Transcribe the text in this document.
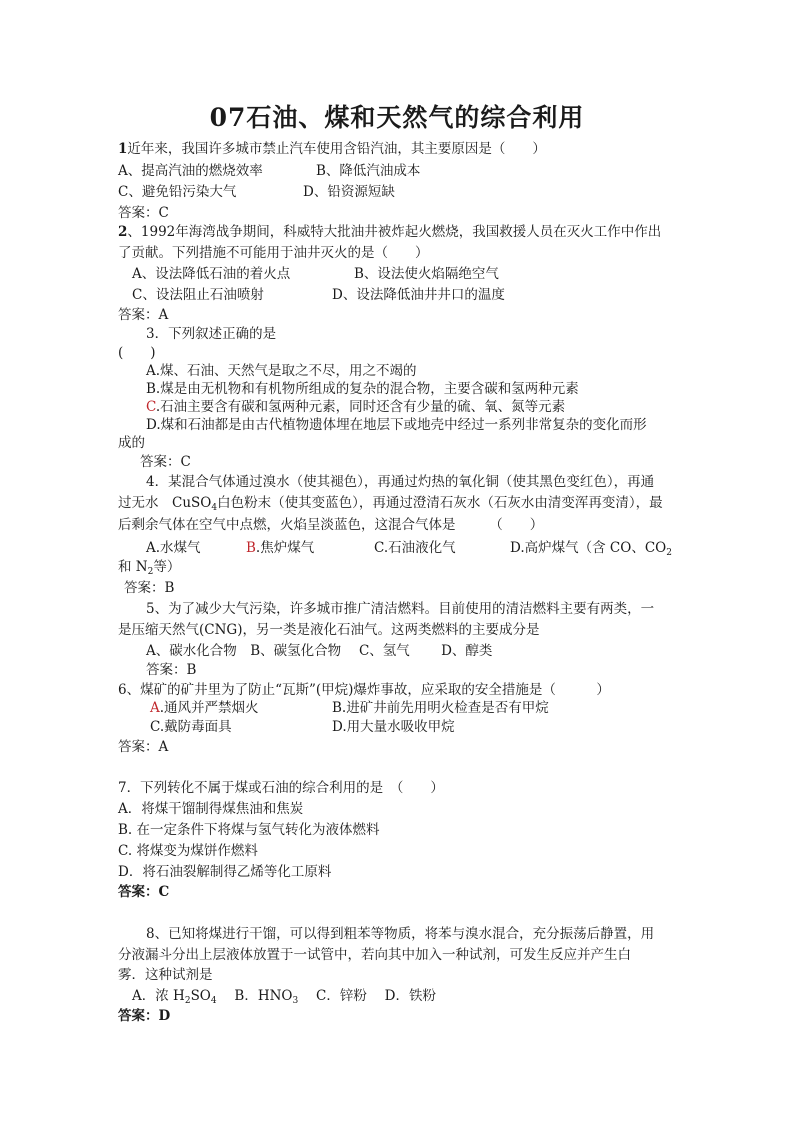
07石油、煤和天然气的综合利用
1近年来，我国许多城市禁止汽车使用含铅汽油，其主要原因是（　　）
A、提高汽油的燃烧效率	B、降低汽油成本
C、避免铅污染大气	D、铅资源短缺
答案：C
2、1992年海湾战争期间，科威特大批油井被炸起火燃烧，我国救援人员在灭火工作中作出
了贡献。下列措施不可能用于油井灭火的是（　　）
A、设法降低石油的着火点	B、设法使火焰隔绝空气
C、设法阻止石油喷射	D、设法降低油井井口的温度
答案：A
3．下列叙述正确的是
(　　)
A.煤、石油、天然气是取之不尽，用之不竭的
B.煤是由无机物和有机物所组成的复杂的混合物，主要含碳和氢两种元素
C.石油主要含有碳和氢两种元素，同时还含有少量的硫、氧、氮等元素
D.煤和石油都是由古代植物遗体埋在地层下或地壳中经过一系列非常复杂的变化而形
成的
答案：C
4．某混合气体通过溴水（使其褪色），再通过灼热的氧化铜（使其黑色变红色），再通
过无水　CuSO$_4$白色粉末（使其变蓝色），再通过澄清石灰水（石灰水由清变浑再变清），最
后剩余气体在空气中点燃，火焰呈淡蓝色，这混合气体是　　　（　　）
A.水煤气	B.焦炉煤气	C.石油液化气	D.高炉煤气（含 CO、$CO_2$
和 $N_2$等）
答案：B
5、为了减少大气污染，许多城市推广清洁燃料。目前使用的清洁燃料主要有两类，一
是压缩天然气(CNG)，另一类是液化石油气。这两类燃料的主要成分是
A、碳水化合物　B、碳氢化合物　 C、氢气　　 D、醇类
答案：B
6、煤矿的矿井里为了防止“瓦斯”(甲烷)爆炸事故，应采取的安全措施是（　　　）
A.通风并严禁烟火	B.进矿井前先用明火检查是否有甲烷
C.戴防毒面具	D.用大量水吸收甲烷
答案：A
7．下列转化不属于煤或石油的综合利用的是　（　　）
A．将煤干馏制得煤焦油和焦炭
B. 在一定条件下将煤与氢气转化为液体燃料
C. 将煤变为煤饼作燃料
D．将石油裂解制得乙烯等化工原料
答案：C
8、已知将煤进行干馏，可以得到粗苯等物质，将苯与溴水混合，充分振荡后静置，用
分液漏斗分出上层液体放置于一试管中，若向其中加入一种试剂，可发生反应并产生白
雾．这种试剂是
A．浓 $H_2SO_4$　 B．$HNO_3$　 C．锌粉　 D．铁粉
答案：D
